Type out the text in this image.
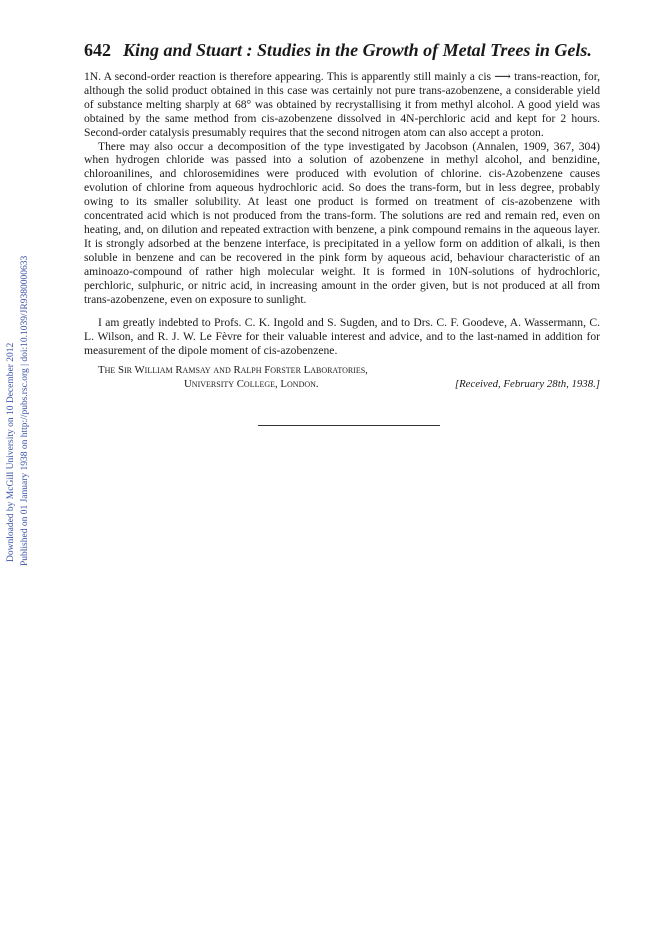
Downloaded by McGill University on 10 December 2012 Published on 01 January 1938 on http://pubs.rsc.org | doi:10.1039/JR9380000633
642 King and Stuart : Studies in the Growth of Metal Trees in Gels.

1N. A second-order reaction is therefore appearing. This is apparently still mainly a cis ⟶ trans-reaction, for, although the solid product obtained in this case was certainly not pure trans-azobenzene, a considerable yield of substance melting sharply at 68° was obtained by recrystallising it from methyl alcohol. A good yield was obtained by the same method from cis-azobenzene dissolved in 4N-perchloric acid and kept for 2 hours. Second-order catalysis presumably requires that the second nitrogen atom can also accept a proton.

There may also occur a decomposition of the type investigated by Jacobson (Annalen, 1909, 367, 304) when hydrogen chloride was passed into a solution of azobenzene in methyl alcohol, and benzidine, chloroanilines, and chlorosemidines were produced with evolution of chlorine. cis-Azobenzene causes evolution of chlorine from aqueous hydrochloric acid. So does the trans-form, but in less degree, probably owing to its smaller solubility. At least one product is formed on treatment of cis-azobenzene with concentrated acid which is not produced from the trans-form. The solutions are red and remain red, even on heating, and, on dilution and repeated extraction with benzene, a pink compound remains in the aqueous layer. It is strongly adsorbed at the benzene interface, is precipitated in a yellow form on addition of alkali, is then soluble in benzene and can be recovered in the pink form by aqueous acid, behaviour characteristic of an aminoazo-compound of rather high molecular weight. It is formed in 10N-solutions of hydrochloric, perchloric, sulphuric, or nitric acid, in increasing amount in the order given, but is not produced at all from trans-azobenzene, even on exposure to sunlight.

I am greatly indebted to Profs. C. K. Ingold and S. Sugden, and to Drs. C. F. Goodeve, A. Wassermann, C. L. Wilson, and R. J. W. Le Fèvre for their valuable interest and advice, and to the last-named in addition for measurement of the dipole moment of cis-azobenzene.

The Sir William Ramsay and Ralph Forster Laboratories,
University College, London.	[Received, February 28th, 1938.]
